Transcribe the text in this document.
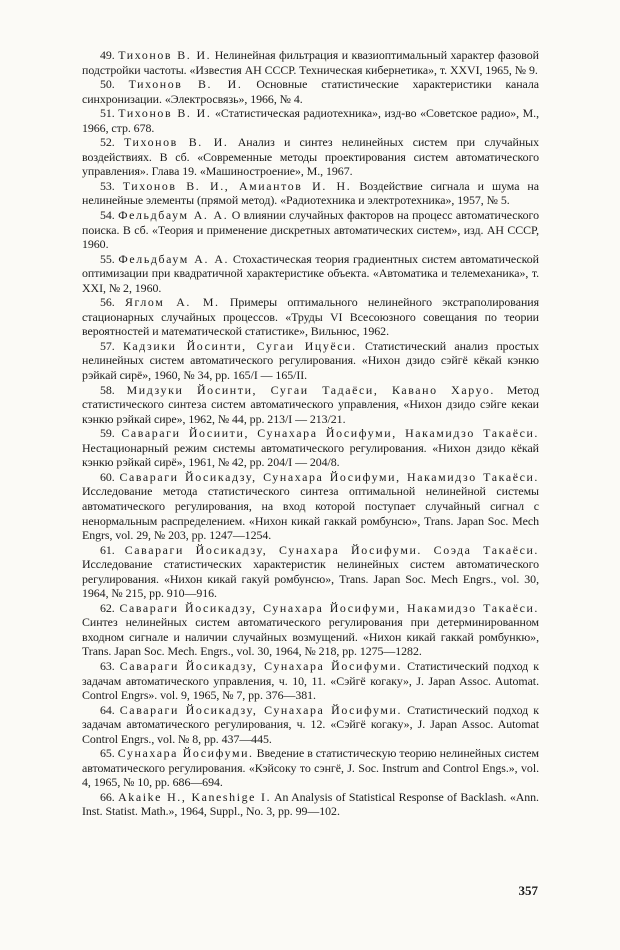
49. Тихонов В. И. Нелинейная фильтрация и квазиоптимальный характер фазовой подстройки частоты. «Известия АН СССР. Техническая кибернетика», т. XXVI, 1965, № 9.

50. Тихонов В. И. Основные статистические характеристики канала синхронизации. «Электросвязь», 1966, № 4.

51. Тихонов В. И. «Статистическая радиотехника», изд-во «Советское радио», М., 1966, стр. 678.

52. Тихонов В. И. Анализ и синтез нелинейных систем при случайных воздействиях. В сб. «Современные методы проектирования систем автоматического управления». Глава 19. «Машиностроение», М., 1967.

53. Тихонов В. И., Амиантов И. Н. Воздействие сигнала и шума на нелинейные элементы (прямой метод). «Радиотехника и электротехника», 1957, № 5.

54. Фельдбаум А. А. О влиянии случайных факторов на процесс автоматического поиска. В сб. «Теория и применение дискретных автоматических систем», изд. АН СССР, 1960.

55. Фельдбаум А. А. Стохастическая теория градиентных систем автоматической оптимизации при квадратичной характеристике объекта. «Автоматика и телемеханика», т. XXI, № 2, 1960.

56. Яглом А. М. Примеры оптимального нелинейного экстраполирования стационарных случайных процессов. «Труды VI Всесоюзного совещания по теории вероятностей и математической статистике», Вильнюс, 1962.

57. Кадзики Йосинти, Сугаи Ицуёси. Статистический анализ простых нелинейных систем автоматического регулирования. «Нихон дзидо сэйгё кёкай кэнкю рэйкай сирё», 1960, № 34, pp. 165/I — 165/II.

58. Мидзуки Йосинти, Сугаи Тадаёси, Кавано Харуо. Метод статистического синтеза систем автоматического управления, «Нихон дзидо сэйге кекаи кэнкю рэйкай сире», 1962, № 44, pp. 213/I — 213/21.

59. Савараги Йосиити, Сунахара Йосифуми, Накамидзо Такаёси. Нестационарный режим системы автоматического регулирования. «Нихон дзидо кёкай кэнкю рэйкай сирё», 1961, № 42, pp. 204/I — 204/8.

60. Савараги Йосикадзу, Сунахара Йосифуми, Накамидзо Такаёси. Исследование метода статистического синтеза оптимальной нелинейной системы автоматического регулирования, на вход которой поступает случайный сигнал с ненормальным распределением. «Нихон кикай гаккай ромбунсю», Trans. Japan Soc. Mech Engrs, vol. 29, № 203, pp. 1247—1254.

61. Савараги Йосикадзу, Сунахара Йосифуми. Соэда Такаёси. Исследование статистических характеристик нелинейных систем автоматического регулирования. «Нихон кикай гакуй ромбунсю», Trans. Japan Soc. Mech Engrs., vol. 30, 1964, № 215, pp. 910—916.

62. Савараги Йосикадзу, Сунахара Йосифуми, Накамидзо Такаёси. Синтез нелинейных систем автоматического регулирования при детерминированном входном сигнале и наличии случайных возмущений. «Нихон кикай гаккай ромбункю», Trans. Japan Soc. Mech. Engrs., vol. 30, 1964, № 218, pp. 1275—1282.

63. Савараги Йосикадзу, Сунахара Йосифуми. Статистический подход к задачам автоматического управления, ч. 10, 11. «Сэйгё когаку», J. Japan Assoc. Automat. Control Engrs». vol. 9, 1965, № 7, pp. 376—381.

64. Савараги Йосикадзу, Сунахара Йосифуми. Статистический подход к задачам автоматического регулирования, ч. 12. «Сэйгё когаку», J. Japan Assoc. Automat Control Engrs., vol. № 8, pp. 437—445.

65. Сунахара Йосифуми. Введение в статистическую теорию нелинейных систем автоматического регулирования. «Кэйсоку то сэнгё, J. Soc. Instrum and Control Engs.», vol. 4, 1965, № 10, pp. 686—694.

66. Akaike H., Kaneshige I. An Analysis of Statistical Response of Backlash. «Ann. Inst. Statist. Math.», 1964, Suppl., No. 3, pp. 99—102.

357
